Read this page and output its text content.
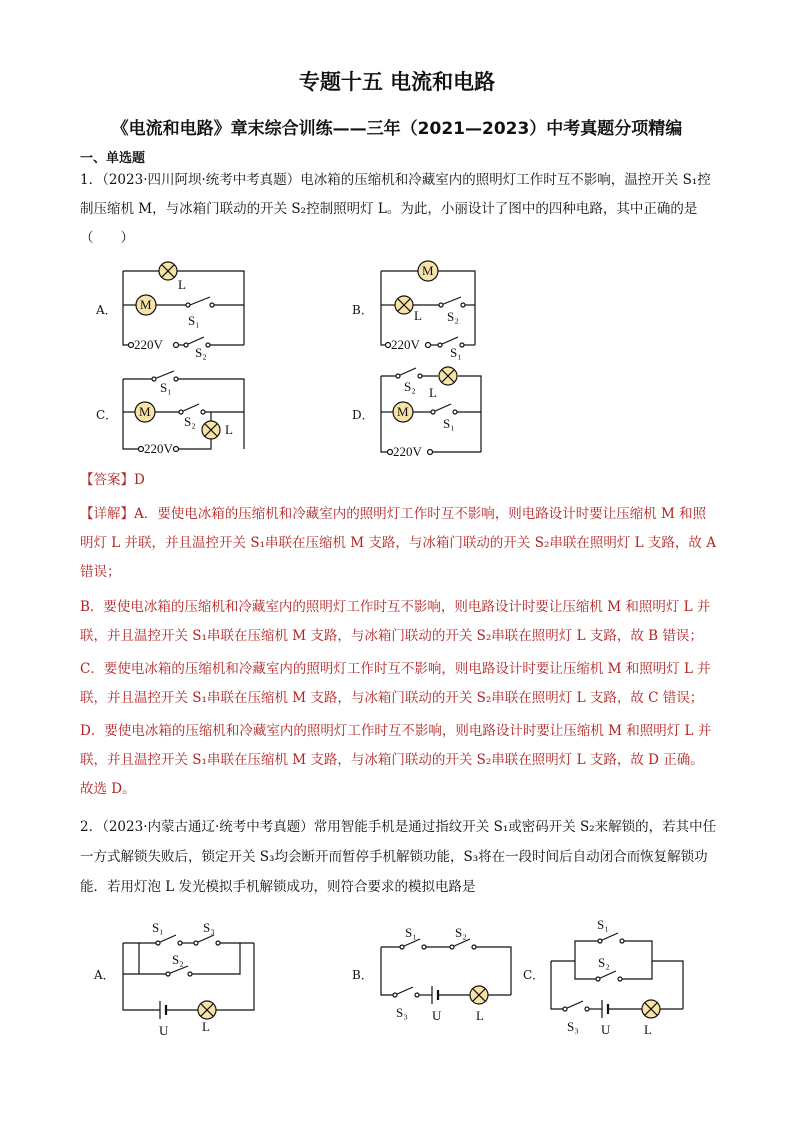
专题十五 电流和电路
《电流和电路》章末综合训练——三年（2021—2023）中考真题分项精编
一、单选题
1．（2023·四川阿坝·统考中考真题）电冰箱的压缩机和冷藏室内的照明灯工作时互不影响，温控开关 S₁控
制压缩机 M，与冰箱门联动的开关 S₂控制照明灯 L。为此，小丽设计了图中的四种电路，其中正确的是
（　　）
A．	B．
C．	D．
M
L
S₁
220V
S₂
M
L S₂
220V
S₁
S₁
M
S₂
L
220V
S₂ L
M
S₁
220V
S₁	S₃
S₂
U	L
S₁	S₂
S₃ U	L
S₁
S₂
S₃ U	L
【答案】D
【详解】A．要使电冰箱的压缩机和冷藏室内的照明灯工作时互不影响，则电路设计时要让压缩机 M 和照
明灯 L 并联，并且温控开关 S₁串联在压缩机 M 支路，与冰箱门联动的开关 S₂串联在照明灯 L 支路，故 A
错误；
B．要使电冰箱的压缩机和冷藏室内的照明灯工作时互不影响，则电路设计时要让压缩机 M 和照明灯 L 并
联，并且温控开关 S₁串联在压缩机 M 支路，与冰箱门联动的开关 S₂串联在照明灯 L 支路，故 B 错误；
C．要使电冰箱的压缩机和冷藏室内的照明灯工作时互不影响，则电路设计时要让压缩机 M 和照明灯 L 并
联，并且温控开关 S₁串联在压缩机 M 支路，与冰箱门联动的开关 S₂串联在照明灯 L 支路，故 C 错误；
D．要使电冰箱的压缩机和冷藏室内的照明灯工作时互不影响，则电路设计时要让压缩机 M 和照明灯 L 并
联，并且温控开关 S₁串联在压缩机 M 支路，与冰箱门联动的开关 S₂串联在照明灯 L 支路，故 D 正确。
故选 D。
2．（2023·内蒙古通辽·统考中考真题）常用智能手机是通过指纹开关 S₁或密码开关 S₂来解锁的，若其中任
一方式解锁失败后，锁定开关 S₃均会断开而暂停手机解锁功能，S₃将在一段时间后自动闭合而恢复解锁功
能．若用灯泡 L 发光模拟手机解锁成功，则符合要求的模拟电路是
A．	B．	C．
